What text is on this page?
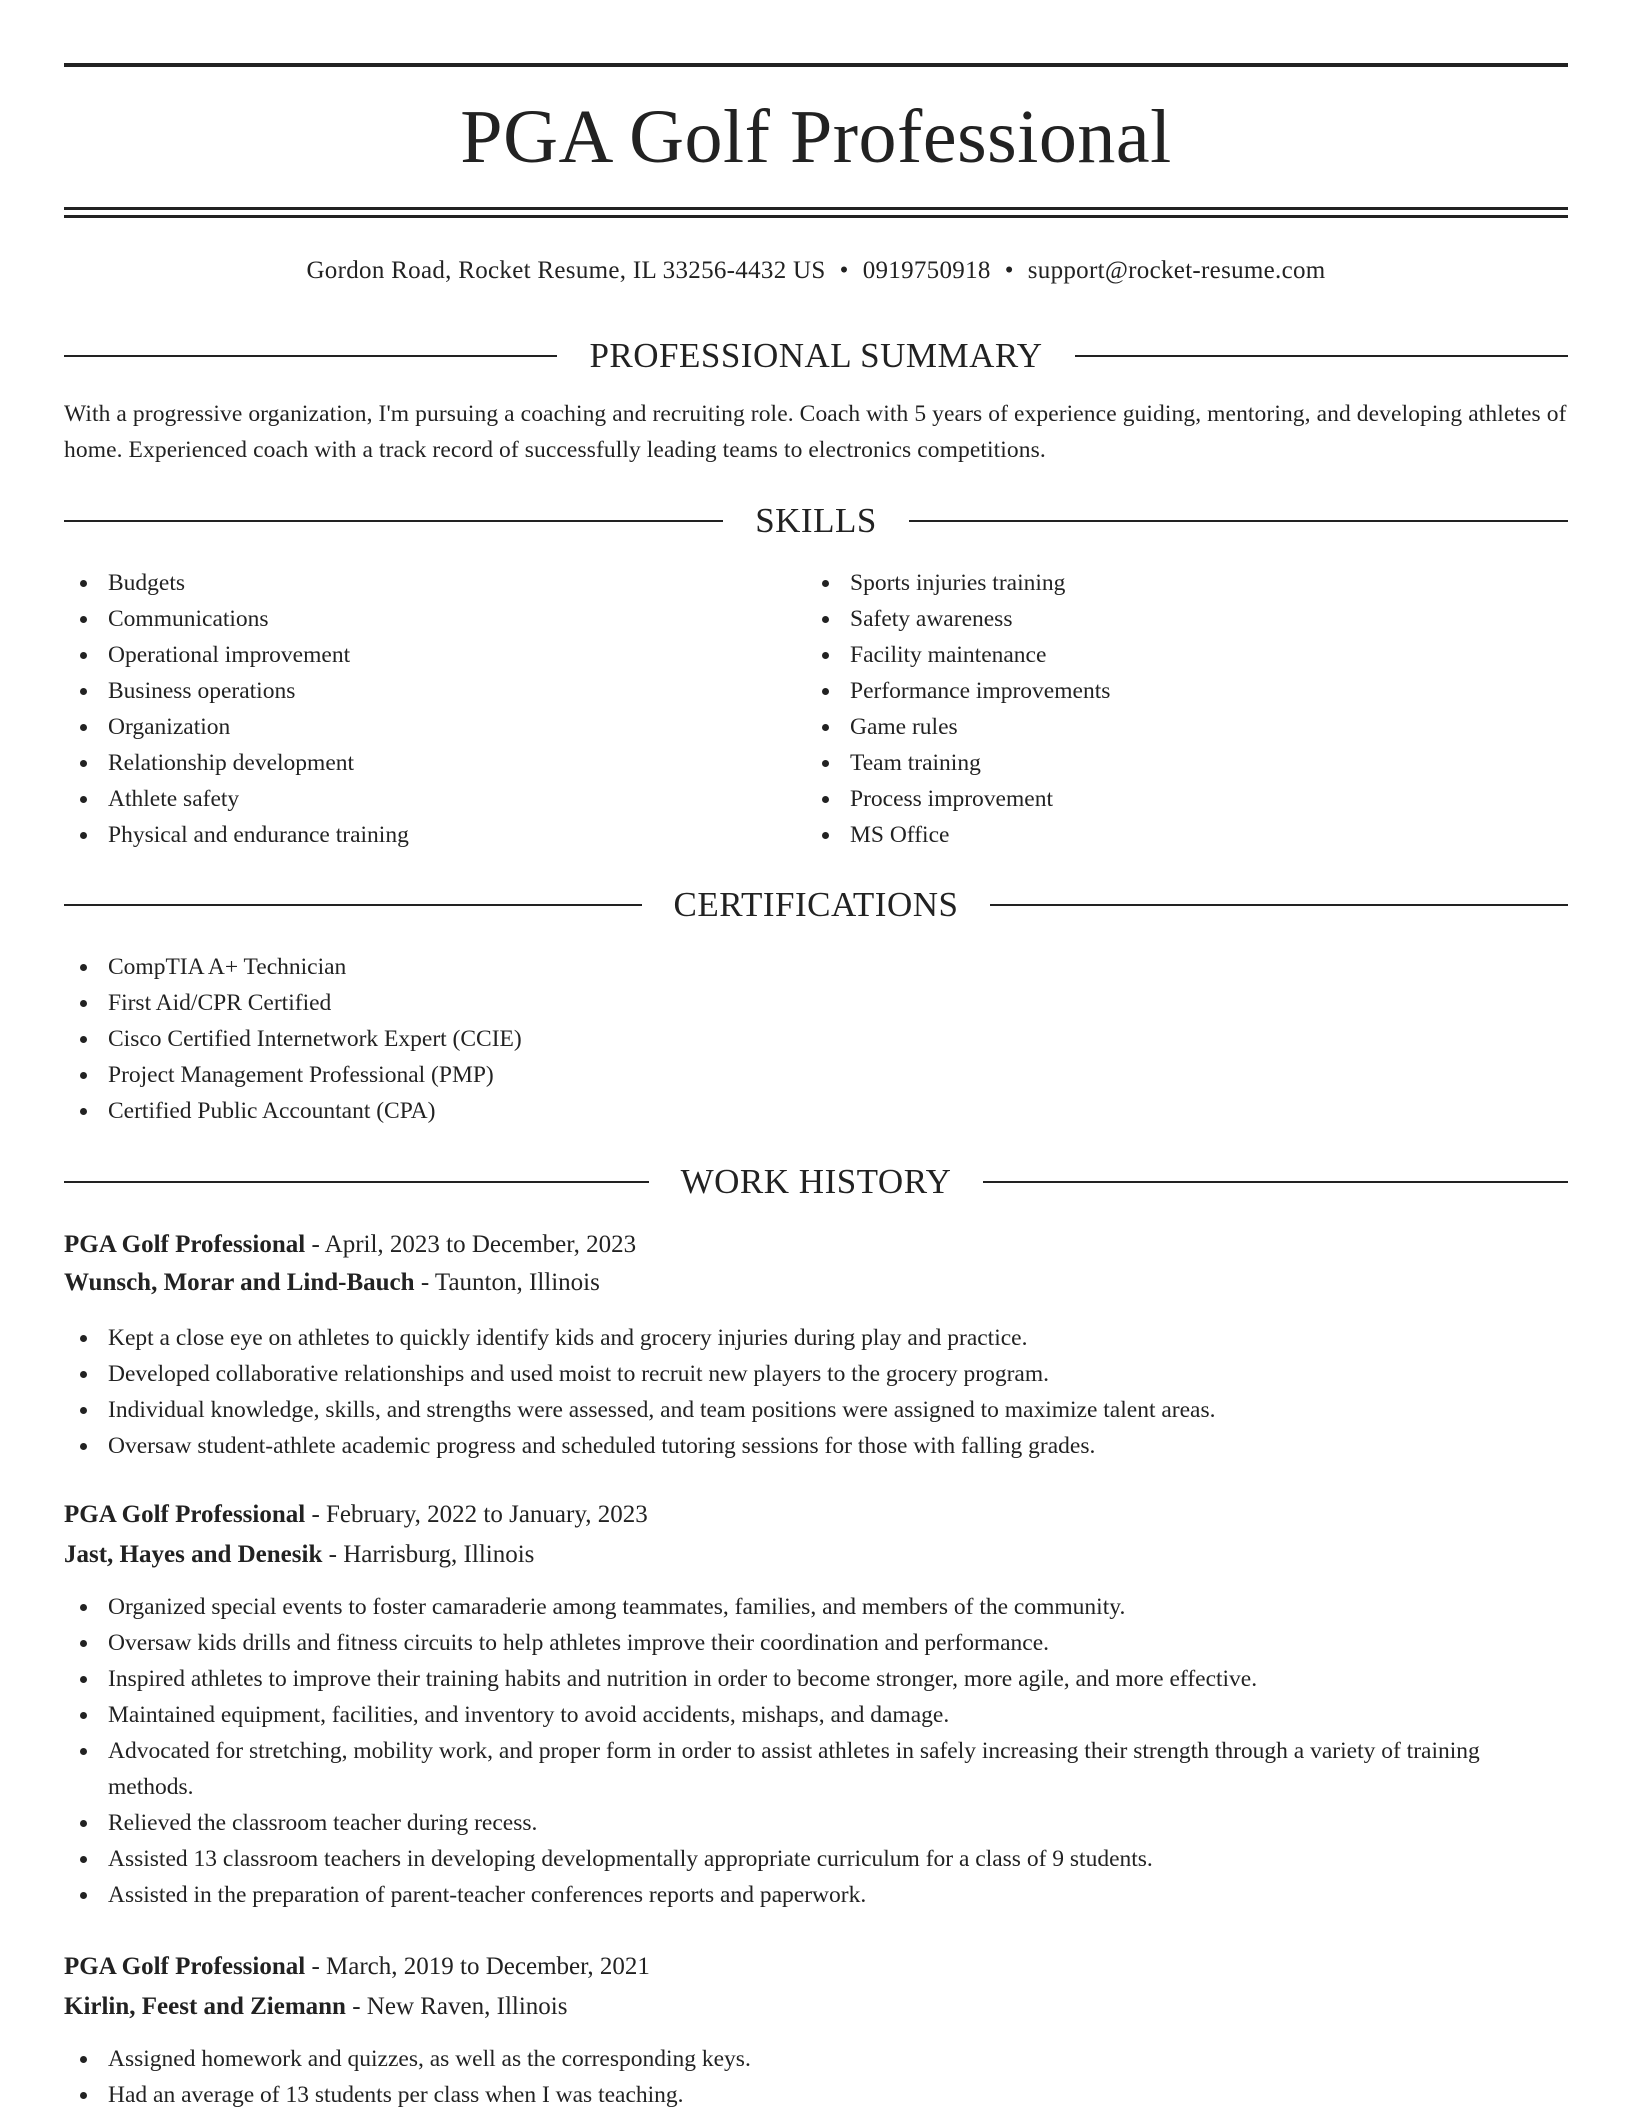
PGA Golf Professional
Gordon Road, Rocket Resume, IL 33256-4432 US • 0919750918 • support@rocket-resume.com
PROFESSIONAL SUMMARY
With a progressive organization, I'm pursuing a coaching and recruiting role. Coach with 5 years of experience guiding, mentoring, and developing athletes of home. Experienced coach with a track record of successfully leading teams to electronics competitions.
SKILLS
Budgets
Communications
Operational improvement
Business operations
Organization
Relationship development
Athlete safety
Physical and endurance training
Sports injuries training
Safety awareness
Facility maintenance
Performance improvements
Game rules
Team training
Process improvement
MS Office
CERTIFICATIONS
CompTIA A+ Technician
First Aid/CPR Certified
Cisco Certified Internetwork Expert (CCIE)
Project Management Professional (PMP)
Certified Public Accountant (CPA)
WORK HISTORY
PGA Golf Professional - April, 2023 to December, 2023
Wunsch, Morar and Lind-Bauch - Taunton, Illinois
Kept a close eye on athletes to quickly identify kids and grocery injuries during play and practice.
Developed collaborative relationships and used moist to recruit new players to the grocery program.
Individual knowledge, skills, and strengths were assessed, and team positions were assigned to maximize talent areas.
Oversaw student-athlete academic progress and scheduled tutoring sessions for those with falling grades.
PGA Golf Professional - February, 2022 to January, 2023
Jast, Hayes and Denesik - Harrisburg, Illinois
Organized special events to foster camaraderie among teammates, families, and members of the community.
Oversaw kids drills and fitness circuits to help athletes improve their coordination and performance.
Inspired athletes to improve their training habits and nutrition in order to become stronger, more agile, and more effective.
Maintained equipment, facilities, and inventory to avoid accidents, mishaps, and damage.
Advocated for stretching, mobility work, and proper form in order to assist athletes in safely increasing their strength through a variety of training methods.
Relieved the classroom teacher during recess.
Assisted 13 classroom teachers in developing developmentally appropriate curriculum for a class of 9 students.
Assisted in the preparation of parent-teacher conferences reports and paperwork.
PGA Golf Professional - March, 2019 to December, 2021
Kirlin, Feest and Ziemann - New Raven, Illinois
Assigned homework and quizzes, as well as the corresponding keys.
Had an average of 13 students per class when I was teaching.
